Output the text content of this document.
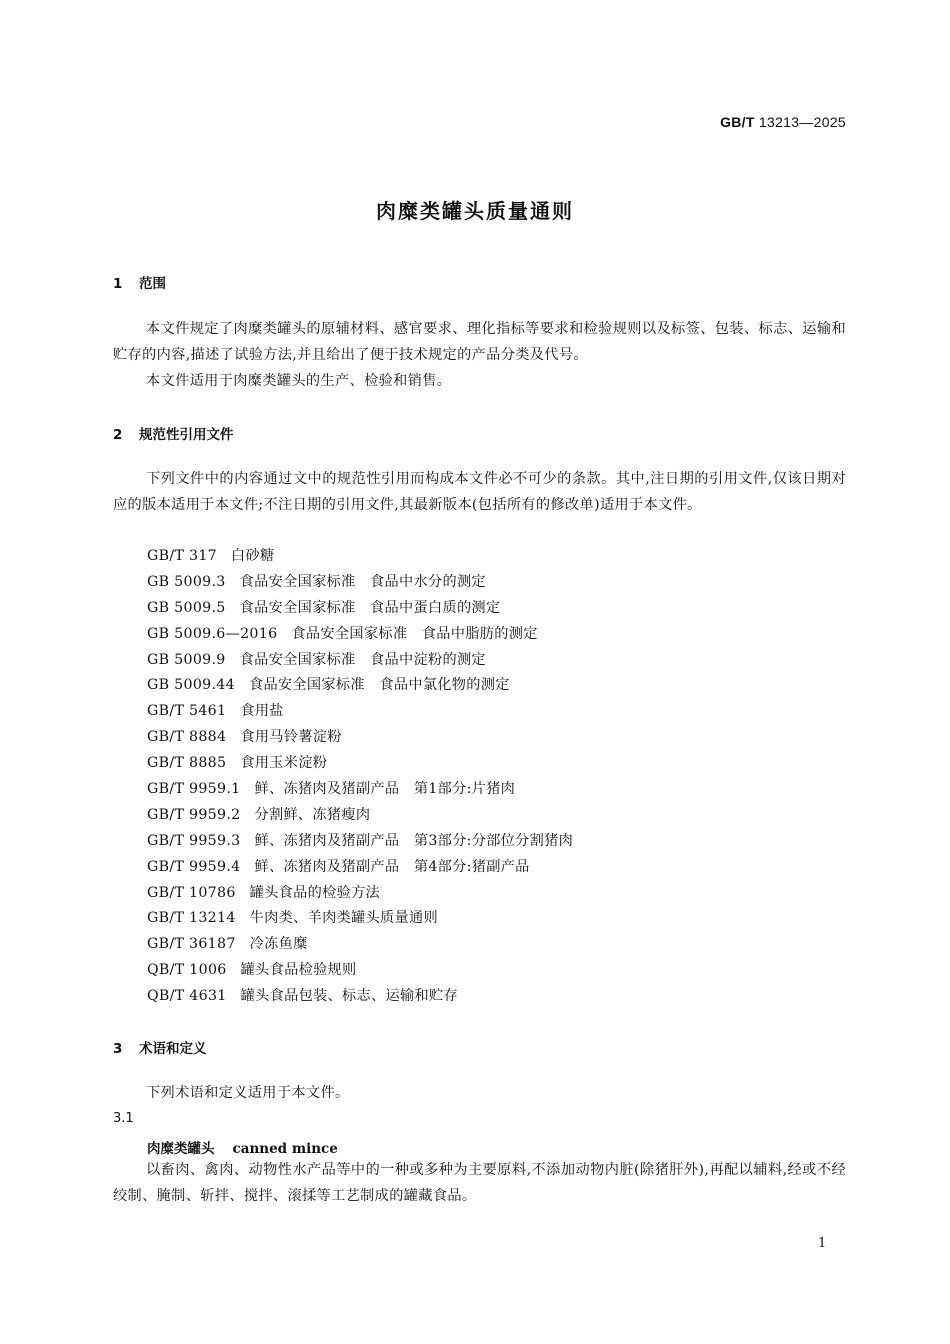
GB/T 13213—2025
肉糜类罐头质量通则
1 范围
本文件规定了肉糜类罐头的原辅材料、感官要求、理化指标等要求和检验规则以及标签、包装、标志、运输和贮存的内容,描述了试验方法,并且给出了便于技术规定的产品分类及代号。
本文件适用于肉糜类罐头的生产、检验和销售。
2 规范性引用文件
下列文件中的内容通过文中的规范性引用而构成本文件必不可少的条款。其中,注日期的引用文件,仅该日期对应的版本适用于本文件;不注日期的引用文件,其最新版本(包括所有的修改单)适用于本文件。
GB/T 317 白砂糖
GB 5009.3 食品安全国家标准　食品中水分的测定
GB 5009.5 食品安全国家标准　食品中蛋白质的测定
GB 5009.6—2016 食品安全国家标准　食品中脂肪的测定
GB 5009.9 食品安全国家标准　食品中淀粉的测定
GB 5009.44 食品安全国家标准　食品中氯化物的测定
GB/T 5461 食用盐
GB/T 8884 食用马铃薯淀粉
GB/T 8885 食用玉米淀粉
GB/T 9959.1 鲜、冻猪肉及猪副产品　第1部分:片猪肉
GB/T 9959.2 分割鲜、冻猪瘦肉
GB/T 9959.3 鲜、冻猪肉及猪副产品　第3部分:分部位分割猪肉
GB/T 9959.4 鲜、冻猪肉及猪副产品　第4部分:猪副产品
GB/T 10786 罐头食品的检验方法
GB/T 13214 牛肉类、羊肉类罐头质量通则
GB/T 36187 冷冻鱼糜
QB/T 1006 罐头食品检验规则
QB/T 4631 罐头食品包装、标志、运输和贮存
3 术语和定义
下列术语和定义适用于本文件。
3.1
肉糜类罐头 canned mince
以畜肉、禽肉、动物性水产品等中的一种或多种为主要原料,不添加动物内脏(除猪肝外),再配以辅料,经或不经绞制、腌制、斩拌、搅拌、滚揉等工艺制成的罐藏食品。
1
